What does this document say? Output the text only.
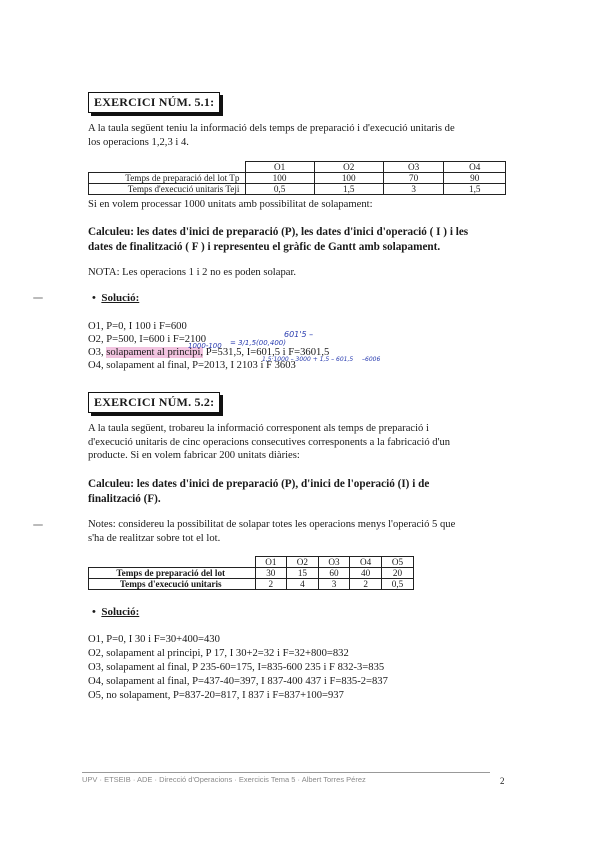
EXERCICI NÚM. 5.1:
A la taula següent teniu la informació dels temps de preparació i d'execució unitaris de
los operacions 1,2,3 i 4.
	O1	O2	O3	O4
Temps de preparació del lot Tp	100	100	70	90
Temps d'execució unitaris Teji	0,5	1,5	3	1,5
Si en volem processar 1000 unitats amb possibilitat de solapament:
Calculeu: les dates d'inici de preparació (P), les dates d'inici d'operació ( I ) i les
dates de finalització ( F ) i representeu el gràfic de Gantt amb solapament.
NOTA: Les operacions 1 i 2 no es poden solapar.
•  Solució:
O1, P=0, I 100 i F=600
O2, P=500, I=600 i F=2100
O3, solapament al principi, P=531,5, I=601,5 i F=3601,5
O4, solapament al final, P=2013, I 2103 i F 3603
601'5 –
1000-100 = 3/1,5(00,400)
1,5·1000 – 3000 + 1,5 – 601,5 –6006
EXERCICI NÚM. 5.2:
A la taula següent, trobareu la informació corresponent als temps de preparació i
d'execució unitaris de cinc operacions consecutives corresponents a la fabricació d'un
producte. Si en volem fabricar 200 unitats diàries:
Calculeu: les dates d'inici de preparació (P), d'inici de l'operació (I) i de
finalització (F).
Notes: considereu la possibilitat de solapar totes les operacions menys l'operació 5 que
s'ha de realitzar sobre tot el lot.
	O1	O2	O3	O4	O5
Temps de preparació del lot	30	15	60	40	20
Temps d'execució unitaris	2	4	3	2	0,5
•  Solució:
O1, P=0, I 30 i F=30+400=430
O2, solapament al principi, P 17, I 30+2=32 i F=32+800=832
O3, solapament al final, P 235-60=175, I=835-600 235 i F 832-3=835
O4, solapament al final, P=437-40=397, I 837-400 437 i F=835-2=837
O5, no solapament, P=837-20=817, I 837 i F=837+100=937
UPV · ETSEIB · ADE · Direcció d'Operacions · Exercicis Tema 5 · Albert Torres Pérez	2
